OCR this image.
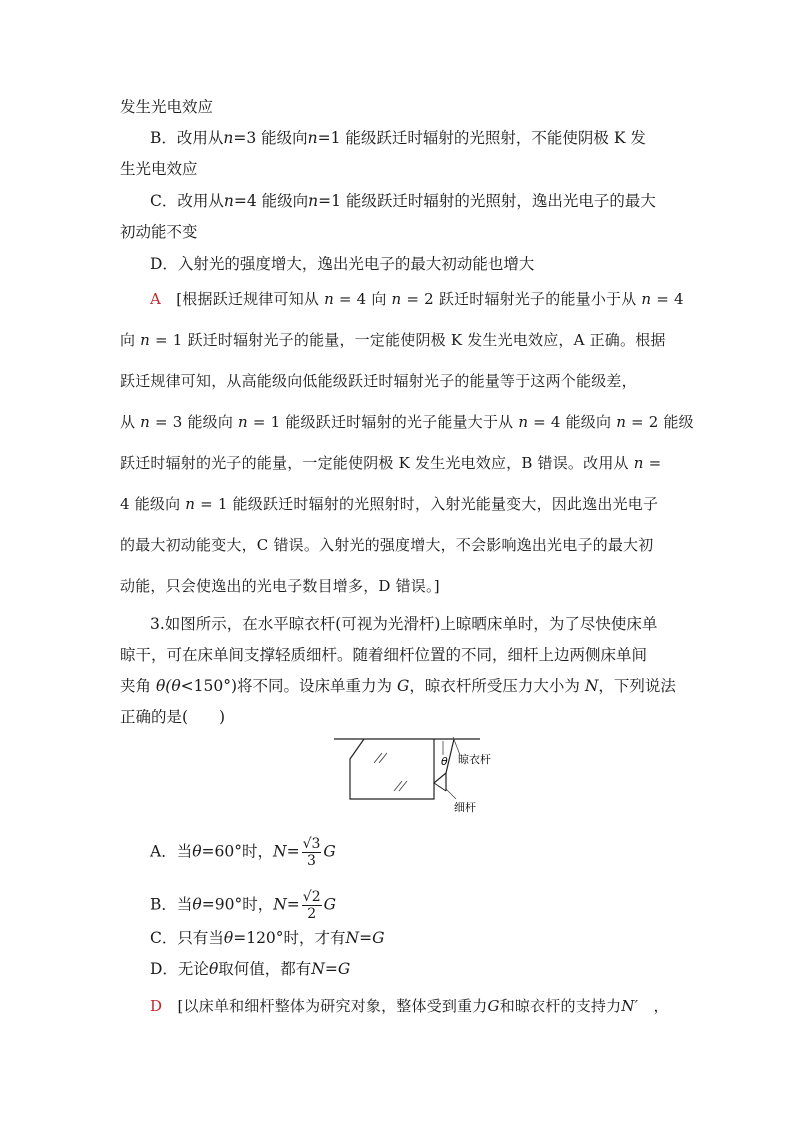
发生光电效应
B．改用从n=3 能级向n=1 能级跃迁时辐射的光照射，不能使阴极 K 发
生光电效应
C．改用从n=4 能级向n=1 能级跃迁时辐射的光照射，逸出光电子的最大
初动能不变
D．入射光的强度增大，逸出光电子的最大初动能也增大
A　 [根据跃迁规律可知从 n = 4 向 n = 2 跃迁时辐射光子的能量小于从 n = 4
向 n = 1 跃迁时辐射光子的能量，一定能使阴极 K 发生光电效应，A 正确。根据
跃迁规律可知，从高能级向低能级跃迁时辐射光子的能量等于这两个能级差，
从 n = 3 能级向 n = 1 能级跃迁时辐射的光子能量大于从 n = 4 能级向 n = 2 能级
跃迁时辐射的光子的能量，一定能使阴极 K 发生光电效应，B 错误。改用从 n =
4 能级向 n = 1 能级跃迁时辐射的光照射时，入射光能量变大，因此逸出光电子
的最大初动能变大，C 错误。入射光的强度增大，不会影响逸出光电子的最大初
动能，只会使逸出的光电子数目增多，D 错误。]
3.如图所示，在水平晾衣杆(可视为光滑杆)上晾晒床单时，为了尽快使床单
晾干，可在床单间支撑轻质细杆。随着细杆位置的不同，细杆上边两侧床单间
夹角 θ(θ<150°)将不同。设床单重力为 G，晾衣杆所受压力大小为 N，下列说法
正确的是(　　)
θ 晾衣杆
细杆
A．当θ=60°时，$N= \frac{√3}{3}$ G
B．当θ=90°时，$N= \frac{√2}{2}$ G
C．只有当θ=120°时，才有N=G
D．无论θ取何值，都有N=G
D　 [以床单和细杆整体为研究对象，整体受到重力G和晾衣杆的支持力N′　 ，
